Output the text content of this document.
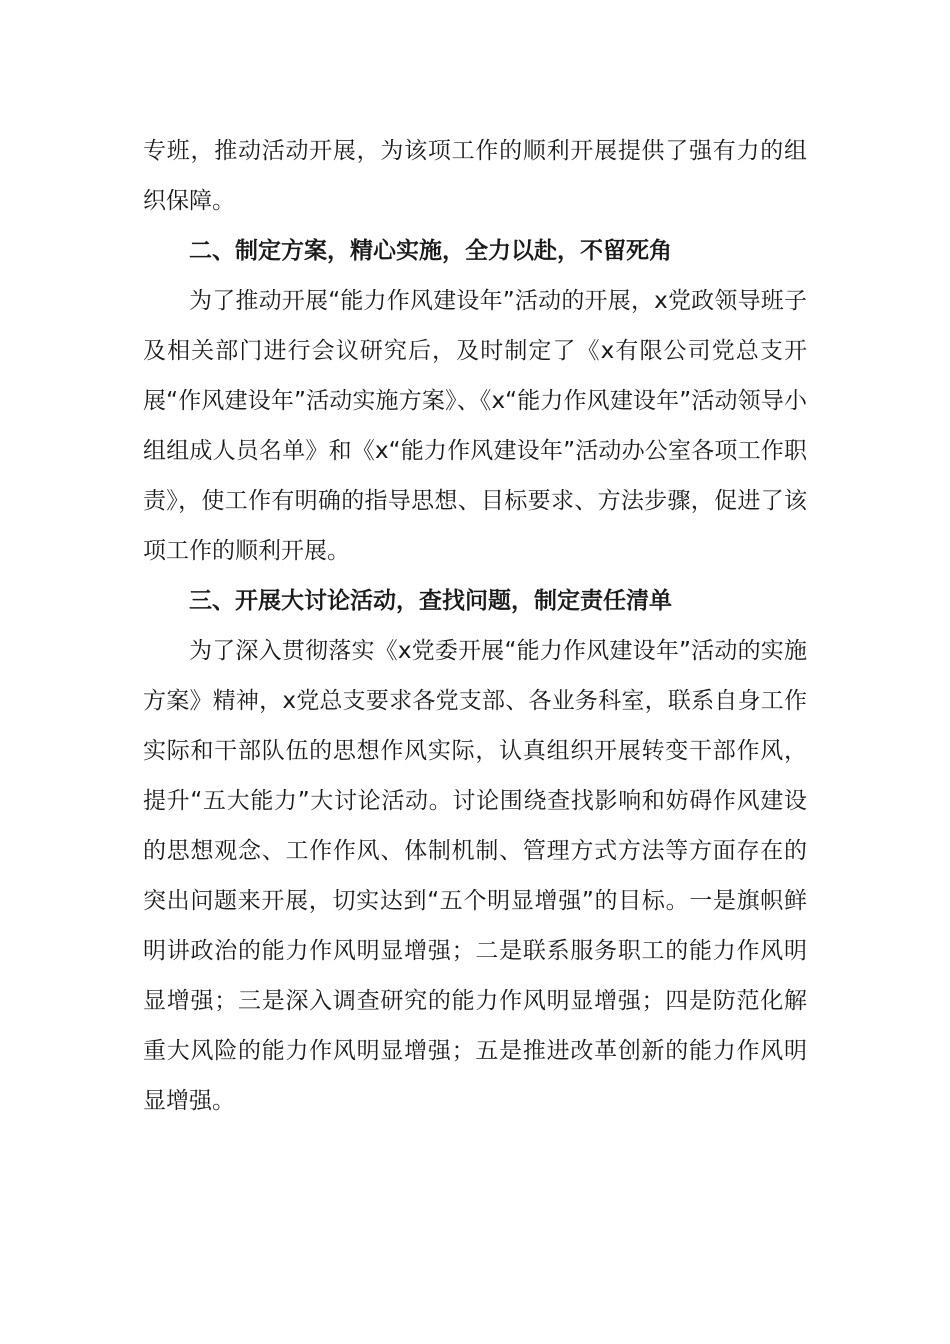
专班，推动活动开展，为该项工作的顺利开展提供了强有力的组织保障。

二、制定方案，精心实施，全力以赴，不留死角

为了推动开展“能力作风建设年”活动的开展，x党政领导班子及相关部门进行会议研究后，及时制定了《x有限公司党总支开展“作风建设年”活动实施方案》、《x“能力作风建设年”活动领导小组组成人员名单》和《x“能力作风建设年”活动办公室各项工作职责》，使工作有明确的指导思想、目标要求、方法步骤，促进了该项工作的顺利开展。

三、开展大讨论活动，查找问题，制定责任清单

为了深入贯彻落实《x党委开展“能力作风建设年”活动的实施方案》精神，x党总支要求各党支部、各业务科室，联系自身工作实际和干部队伍的思想作风实际，认真组织开展转变干部作风，提升“五大能力”大讨论活动。讨论围绕查找影响和妨碍作风建设的思想观念、工作作风、体制机制、管理方式方法等方面存在的突出问题来开展，切实达到“五个明显增强”的目标。一是旗帜鲜明讲政治的能力作风明显增强；二是联系服务职工的能力作风明显增强；三是深入调查研究的能力作风明显增强；四是防范化解重大风险的能力作风明显增强；五是推进改革创新的能力作风明显增强。
